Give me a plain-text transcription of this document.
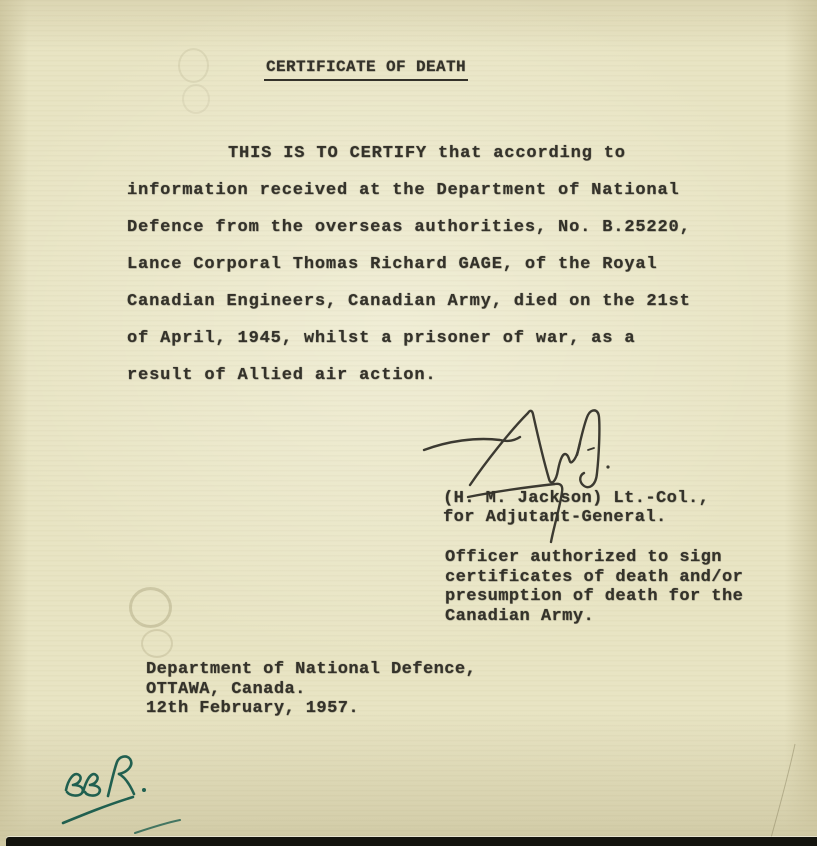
CERTIFICATE OF DEATH
THIS IS TO CERTIFY that according to
information received at the Department of National
Defence from the overseas authorities, No. B.25220,
Lance Corporal Thomas Richard GAGE, of the Royal
Canadian Engineers, Canadian Army, died on the 21st
of April, 1945, whilst a prisoner of war, as a
result of Allied air action.
(H. M. Jackson) Lt.-Col.,
for Adjutant-General.
Officer authorized to sign
certificates of death and/or
presumption of death for the
Canadian Army.
Department of National Defence,
OTTAWA, Canada.
12th February, 1957.
